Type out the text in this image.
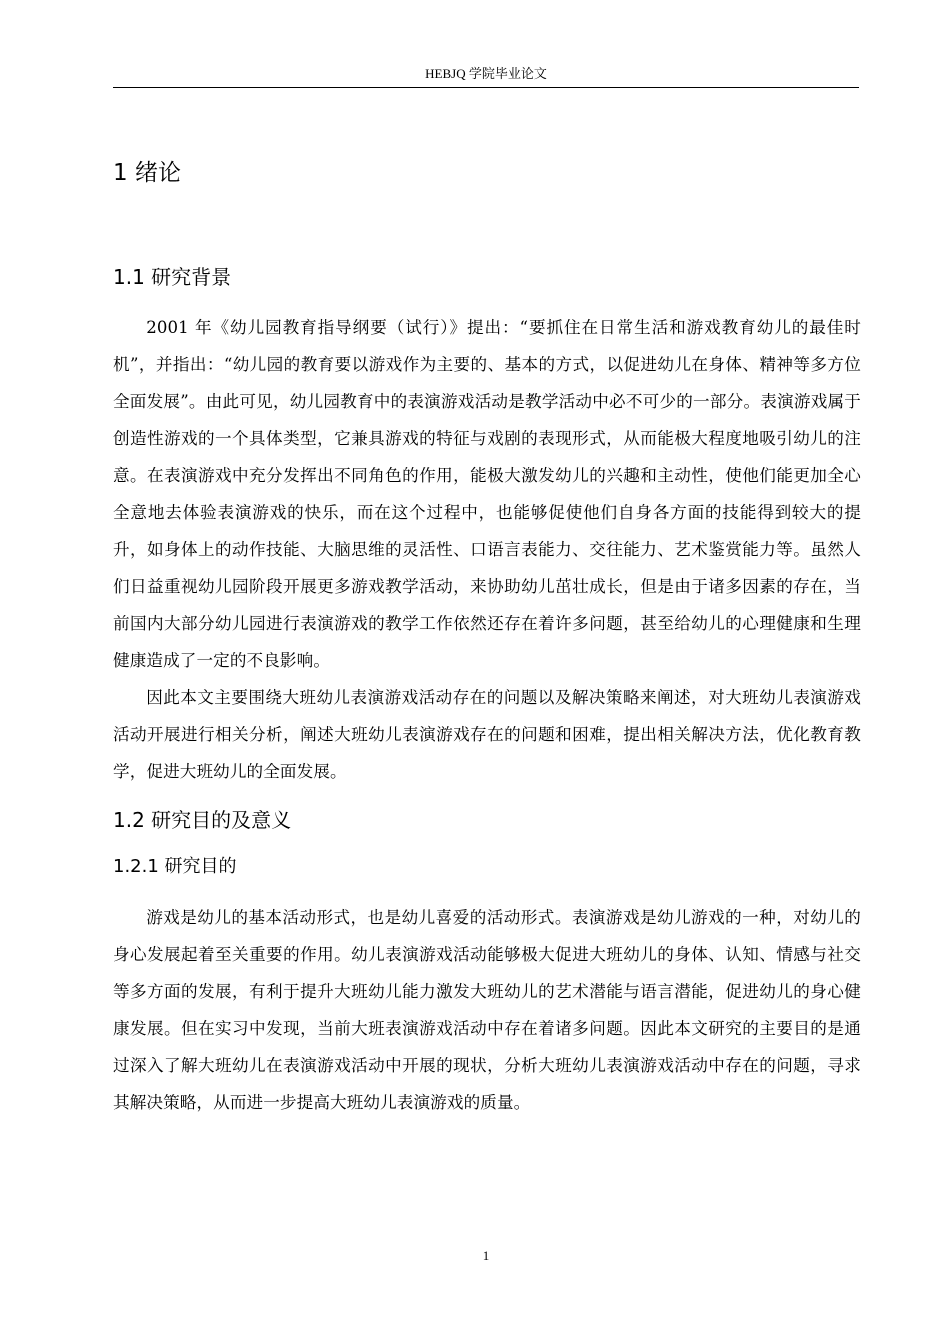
HEBJQ 学院毕业论文
1 绪论
1.1 研究背景

2001 年《幼儿园教育指导纲要（试行）》提出：“要抓住在日常生活和游戏教育幼儿的最佳时机”，并指出：“幼儿园的教育要以游戏作为主要的、基本的方式，以促进幼儿在身体、精神等多方位全面发展”。由此可见，幼儿园教育中的表演游戏活动是教学活动中必不可少的一部分。表演游戏属于创造性游戏的一个具体类型，它兼具游戏的特征与戏剧的表现形式，从而能极大程度地吸引幼儿的注意。在表演游戏中充分发挥出不同角色的作用，能极大激发幼儿的兴趣和主动性，使他们能更加全心全意地去体验表演游戏的快乐，而在这个过程中，也能够促使他们自身各方面的技能得到较大的提升，如身体上的动作技能、大脑思维的灵活性、口语言表能力、交往能力、艺术鉴赏能力等。虽然人们日益重视幼儿园阶段开展更多游戏教学活动，来协助幼儿茁壮成长，但是由于诸多因素的存在，当前国内大部分幼儿园进行表演游戏的教学工作依然还存在着许多问题，甚至给幼儿的心理健康和生理健康造成了一定的不良影响。

因此本文主要围绕大班幼儿表演游戏活动存在的问题以及解决策略来阐述，对大班幼儿表演游戏活动开展进行相关分析，阐述大班幼儿表演游戏存在的问题和困难，提出相关解决方法，优化教育教学，促进大班幼儿的全面发展。

1.2 研究目的及意义
1.2.1 研究目的

游戏是幼儿的基本活动形式，也是幼儿喜爱的活动形式。表演游戏是幼儿游戏的一种，对幼儿的身心发展起着至关重要的作用。幼儿表演游戏活动能够极大促进大班幼儿的身体、认知、情感与社交等多方面的发展，有利于提升大班幼儿能力激发大班幼儿的艺术潜能与语言潜能，促进幼儿的身心健康发展。但在实习中发现，当前大班表演游戏活动中存在着诸多问题。因此本文研究的主要目的是通过深入了解大班幼儿在表演游戏活动中开展的现状，分析大班幼儿表演游戏活动中存在的问题，寻求其解决策略，从而进一步提高大班幼儿表演游戏的质量。

1
